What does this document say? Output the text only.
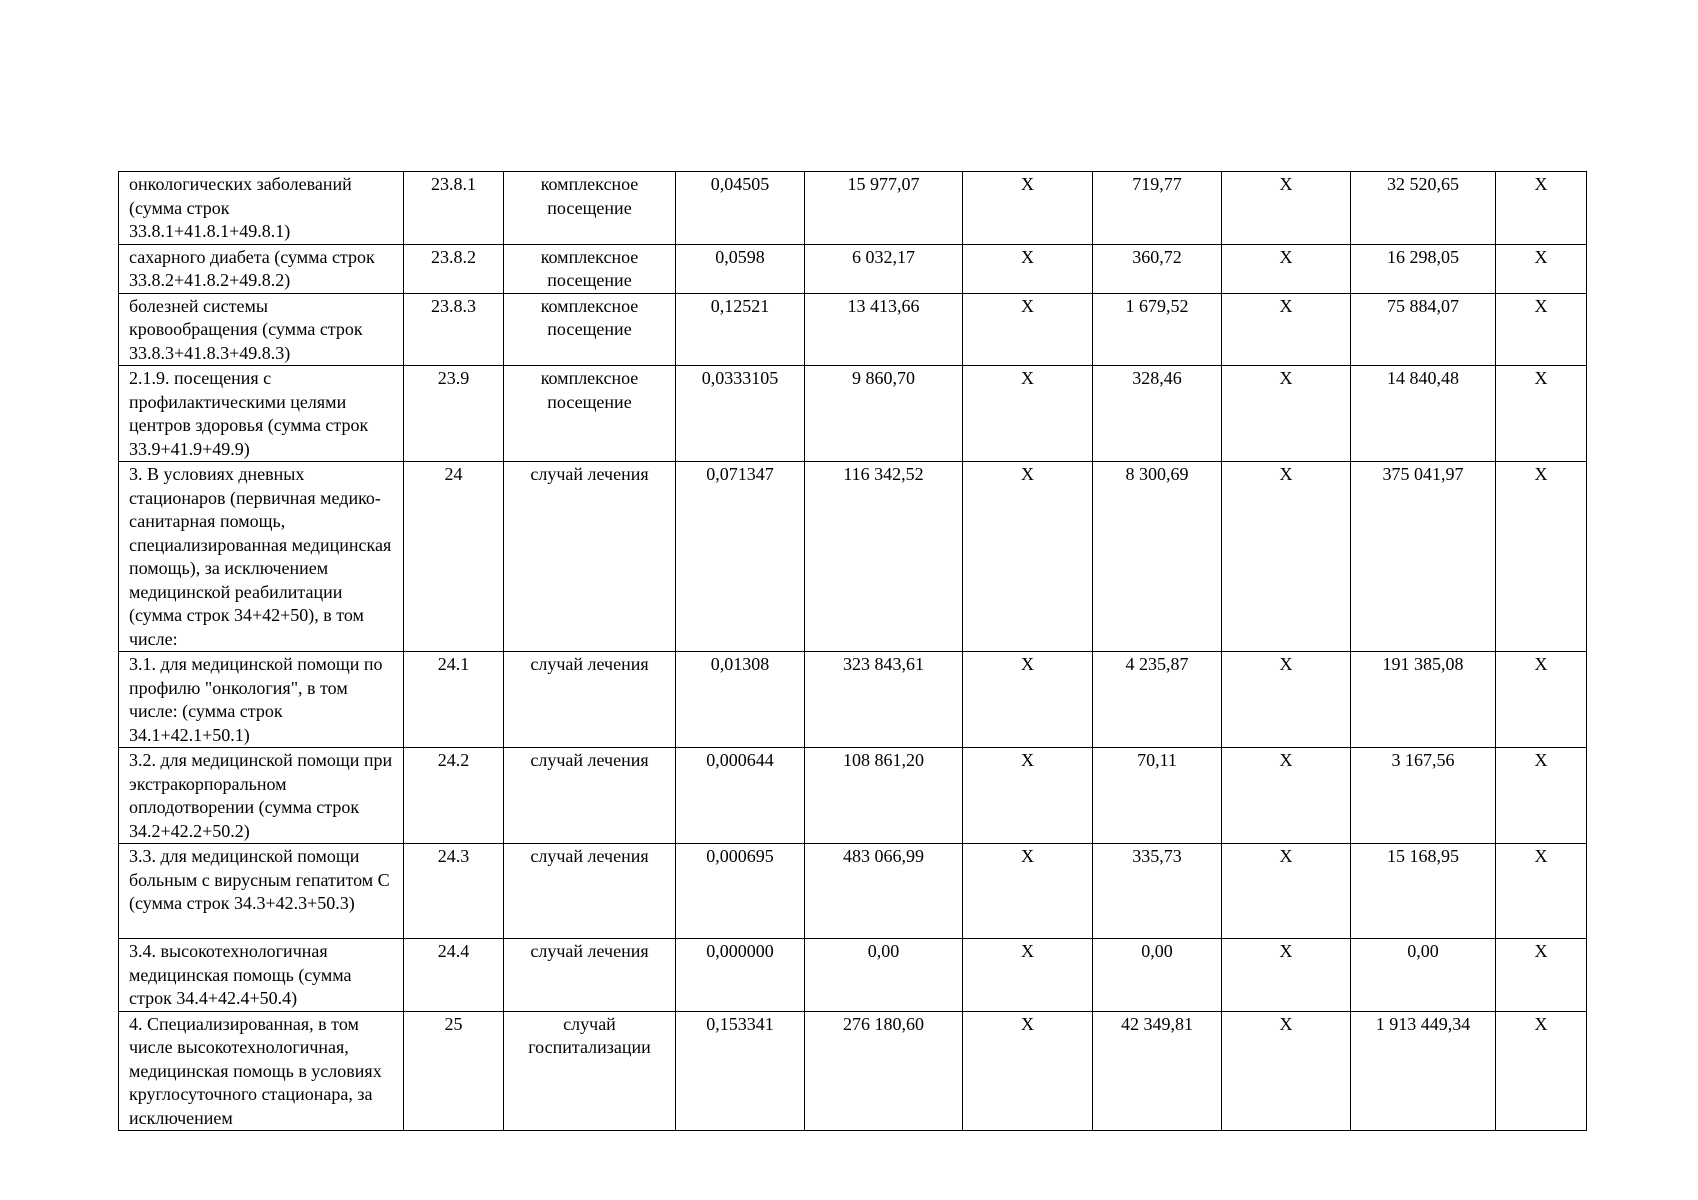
онкологических заболеваний (сумма строк 33.8.1+41.8.1+49.8.1)	23.8.1	комплексное посещение	0,04505	15 977,07	Х	719,77	Х	32 520,65	Х
сахарного диабета (сумма строк 33.8.2+41.8.2+49.8.2)	23.8.2	комплексное посещение	0,0598	6 032,17	Х	360,72	Х	16 298,05	Х
болезней системы кровообращения (сумма строк 33.8.3+41.8.3+49.8.3)	23.8.3	комплексное посещение	0,12521	13 413,66	Х	1 679,52	Х	75 884,07	Х
2.1.9. посещения с профилактическими целями центров здоровья (сумма строк 33.9+41.9+49.9)	23.9	комплексное посещение	0,0333105	9 860,70	Х	328,46	Х	14 840,48	Х
3. В условиях дневных стационаров (первичная медико-санитарная помощь, специализированная медицинская помощь), за исключением медицинской реабилитации (сумма строк 34+42+50), в том числе:	24	случай лечения	0,071347	116 342,52	Х	8 300,69	Х	375 041,97	Х
3.1. для медицинской помощи по профилю "онкология", в том числе: (сумма строк 34.1+42.1+50.1)	24.1	случай лечения	0,01308	323 843,61	Х	4 235,87	Х	191 385,08	Х
3.2. для медицинской помощи при экстракорпоральном оплодотворении (сумма строк 34.2+42.2+50.2)	24.2	случай лечения	0,000644	108 861,20	Х	70,11	Х	3 167,56	Х
3.3. для медицинской помощи больным с вирусным гепатитом С (сумма строк 34.3+42.3+50.3)	24.3	случай лечения	0,000695	483 066,99	Х	335,73	Х	15 168,95	Х
3.4. высокотехнологичная медицинская помощь (сумма строк 34.4+42.4+50.4)	24.4	случай лечения	0,000000	0,00	Х	0,00	Х	0,00	Х
4. Специализированная, в том числе высокотехнологичная, медицинская помощь в условиях круглосуточного стационара, за исключением	25	случай госпитализации	0,153341	276 180,60	Х	42 349,81	Х	1 913 449,34	Х
